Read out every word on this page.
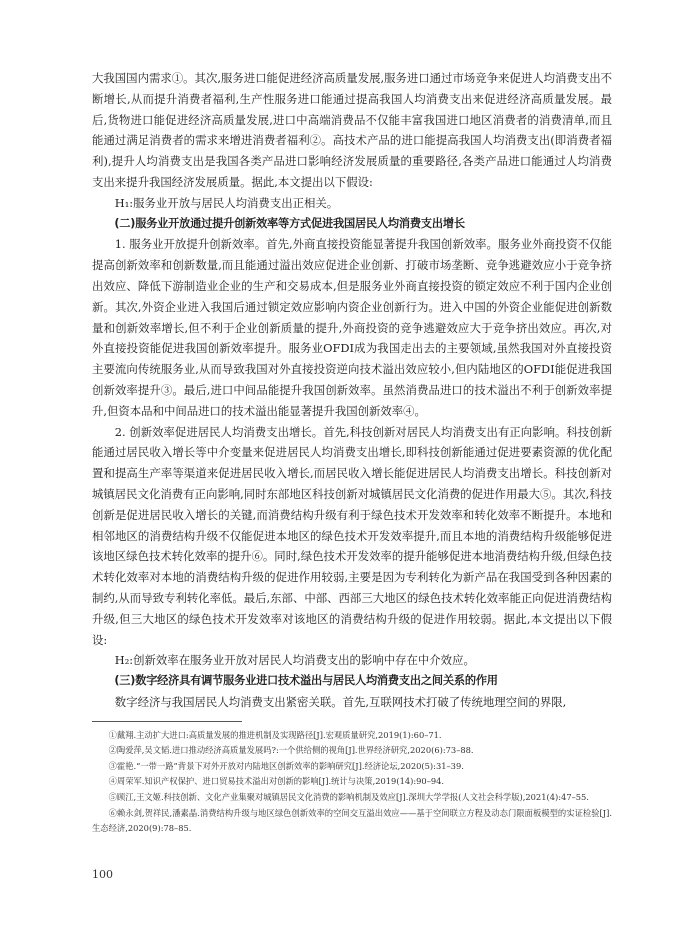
大我国国内需求①。其次,服务进口能促进经济高质量发展,服务进口通过市场竞争来促进人均消费支出不断增长,从而提升消费者福利,生产性服务进口能通过提高我国人均消费支出来促进经济高质量发展。最后,货物进口能促进经济高质量发展,进口中高端消费品不仅能丰富我国进口地区消费者的消费清单,而且能通过满足消费者的需求来增进消费者福利②。高技术产品的进口能提高我国人均消费支出(即消费者福利),提升人均消费支出是我国各类产品进口影响经济发展质量的重要路径,各类产品进口能通过人均消费支出来提升我国经济发展质量。据此,本文提出以下假设:

H₁:服务业开放与居民人均消费支出正相关。

(二)服务业开放通过提升创新效率等方式促进我国居民人均消费支出增长

1. 服务业开放提升创新效率。首先,外商直接投资能显著提升我国创新效率。服务业外商投资不仅能提高创新效率和创新数量,而且能通过溢出效应促进企业创新、打破市场垄断、竞争逃避效应小于竞争挤出效应、降低下游制造业企业的生产和交易成本,但是服务业外商直接投资的锁定效应不利于国内企业创新。其次,外资企业进入我国后通过锁定效应影响内资企业创新行为。进入中国的外资企业能促进创新数量和创新效率增长,但不利于企业创新质量的提升,外商投资的竞争逃避效应大于竞争挤出效应。再次,对外直接投资能促进我国创新效率提升。服务业OFDI成为我国走出去的主要领域,虽然我国对外直接投资主要流向传统服务业,从而导致我国对外直接投资逆向技术溢出效应较小,但内陆地区的OFDI能促进我国创新效率提升③。最后,进口中间品能提升我国创新效率。虽然消费品进口的技术溢出不利于创新效率提升,但资本品和中间品进口的技术溢出能显著提升我国创新效率④。

2. 创新效率促进居民人均消费支出增长。首先,科技创新对居民人均消费支出有正向影响。科技创新能通过居民收入增长等中介变量来促进居民人均消费支出增长,即科技创新能通过促进要素资源的优化配置和提高生产率等渠道来促进居民收入增长,而居民收入增长能促进居民人均消费支出增长。科技创新对城镇居民文化消费有正向影响,同时东部地区科技创新对城镇居民文化消费的促进作用最大⑤。其次,科技创新是促进居民收入增长的关键,而消费结构升级有利于绿色技术开发效率和转化效率不断提升。本地和相邻地区的消费结构升级不仅能促进本地区的绿色技术开发效率提升,而且本地的消费结构升级能够促进该地区绿色技术转化效率的提升⑥。同时,绿色技术开发效率的提升能够促进本地消费结构升级,但绿色技术转化效率对本地的消费结构升级的促进作用较弱,主要是因为专利转化为新产品在我国受到各种因素的制约,从而导致专利转化率低。最后,东部、中部、西部三大地区的绿色技术转化效率能正向促进消费结构升级,但三大地区的绿色技术开发效率对该地区的消费结构升级的促进作用较弱。据此,本文提出以下假设:

H₂:创新效率在服务业开放对居民人均消费支出的影响中存在中介效应。

(三)数字经济具有调节服务业进口技术溢出与居民人均消费支出之间关系的作用

数字经济与我国居民人均消费支出紧密关联。首先,互联网技术打破了传统地理空间的界限,

①戴翔.主动扩大进口:高质量发展的推进机制及实现路径[J].宏观质量研究,2019(1):60–71.

②陶爱萍,吴文韬.进口推动经济高质量发展吗?:一个供给侧的视角[J].世界经济研究,2020(6):73–88.

③霍艳.“一带一路”背景下对外开放对内陆地区创新效率的影响研究[J].经济论坛,2020(5):31–39.

④周荣军.知识产权保护、进口贸易技术溢出对创新的影响[J].统计与决策,2019(14):90–94.

⑤顾江,王文姬.科技创新、文化产业集聚对城镇居民文化消费的影响机制及效应[J].深圳大学学报(人文社会科学版),2021(4):47–55.

⑥赖永剑,贺祥民,潘素晶.消费结构升级与地区绿色创新效率的空间交互溢出效应——基于空间联立方程及动态门限面板模型的实证检验[J].生态经济,2020(9):78–85.

100
